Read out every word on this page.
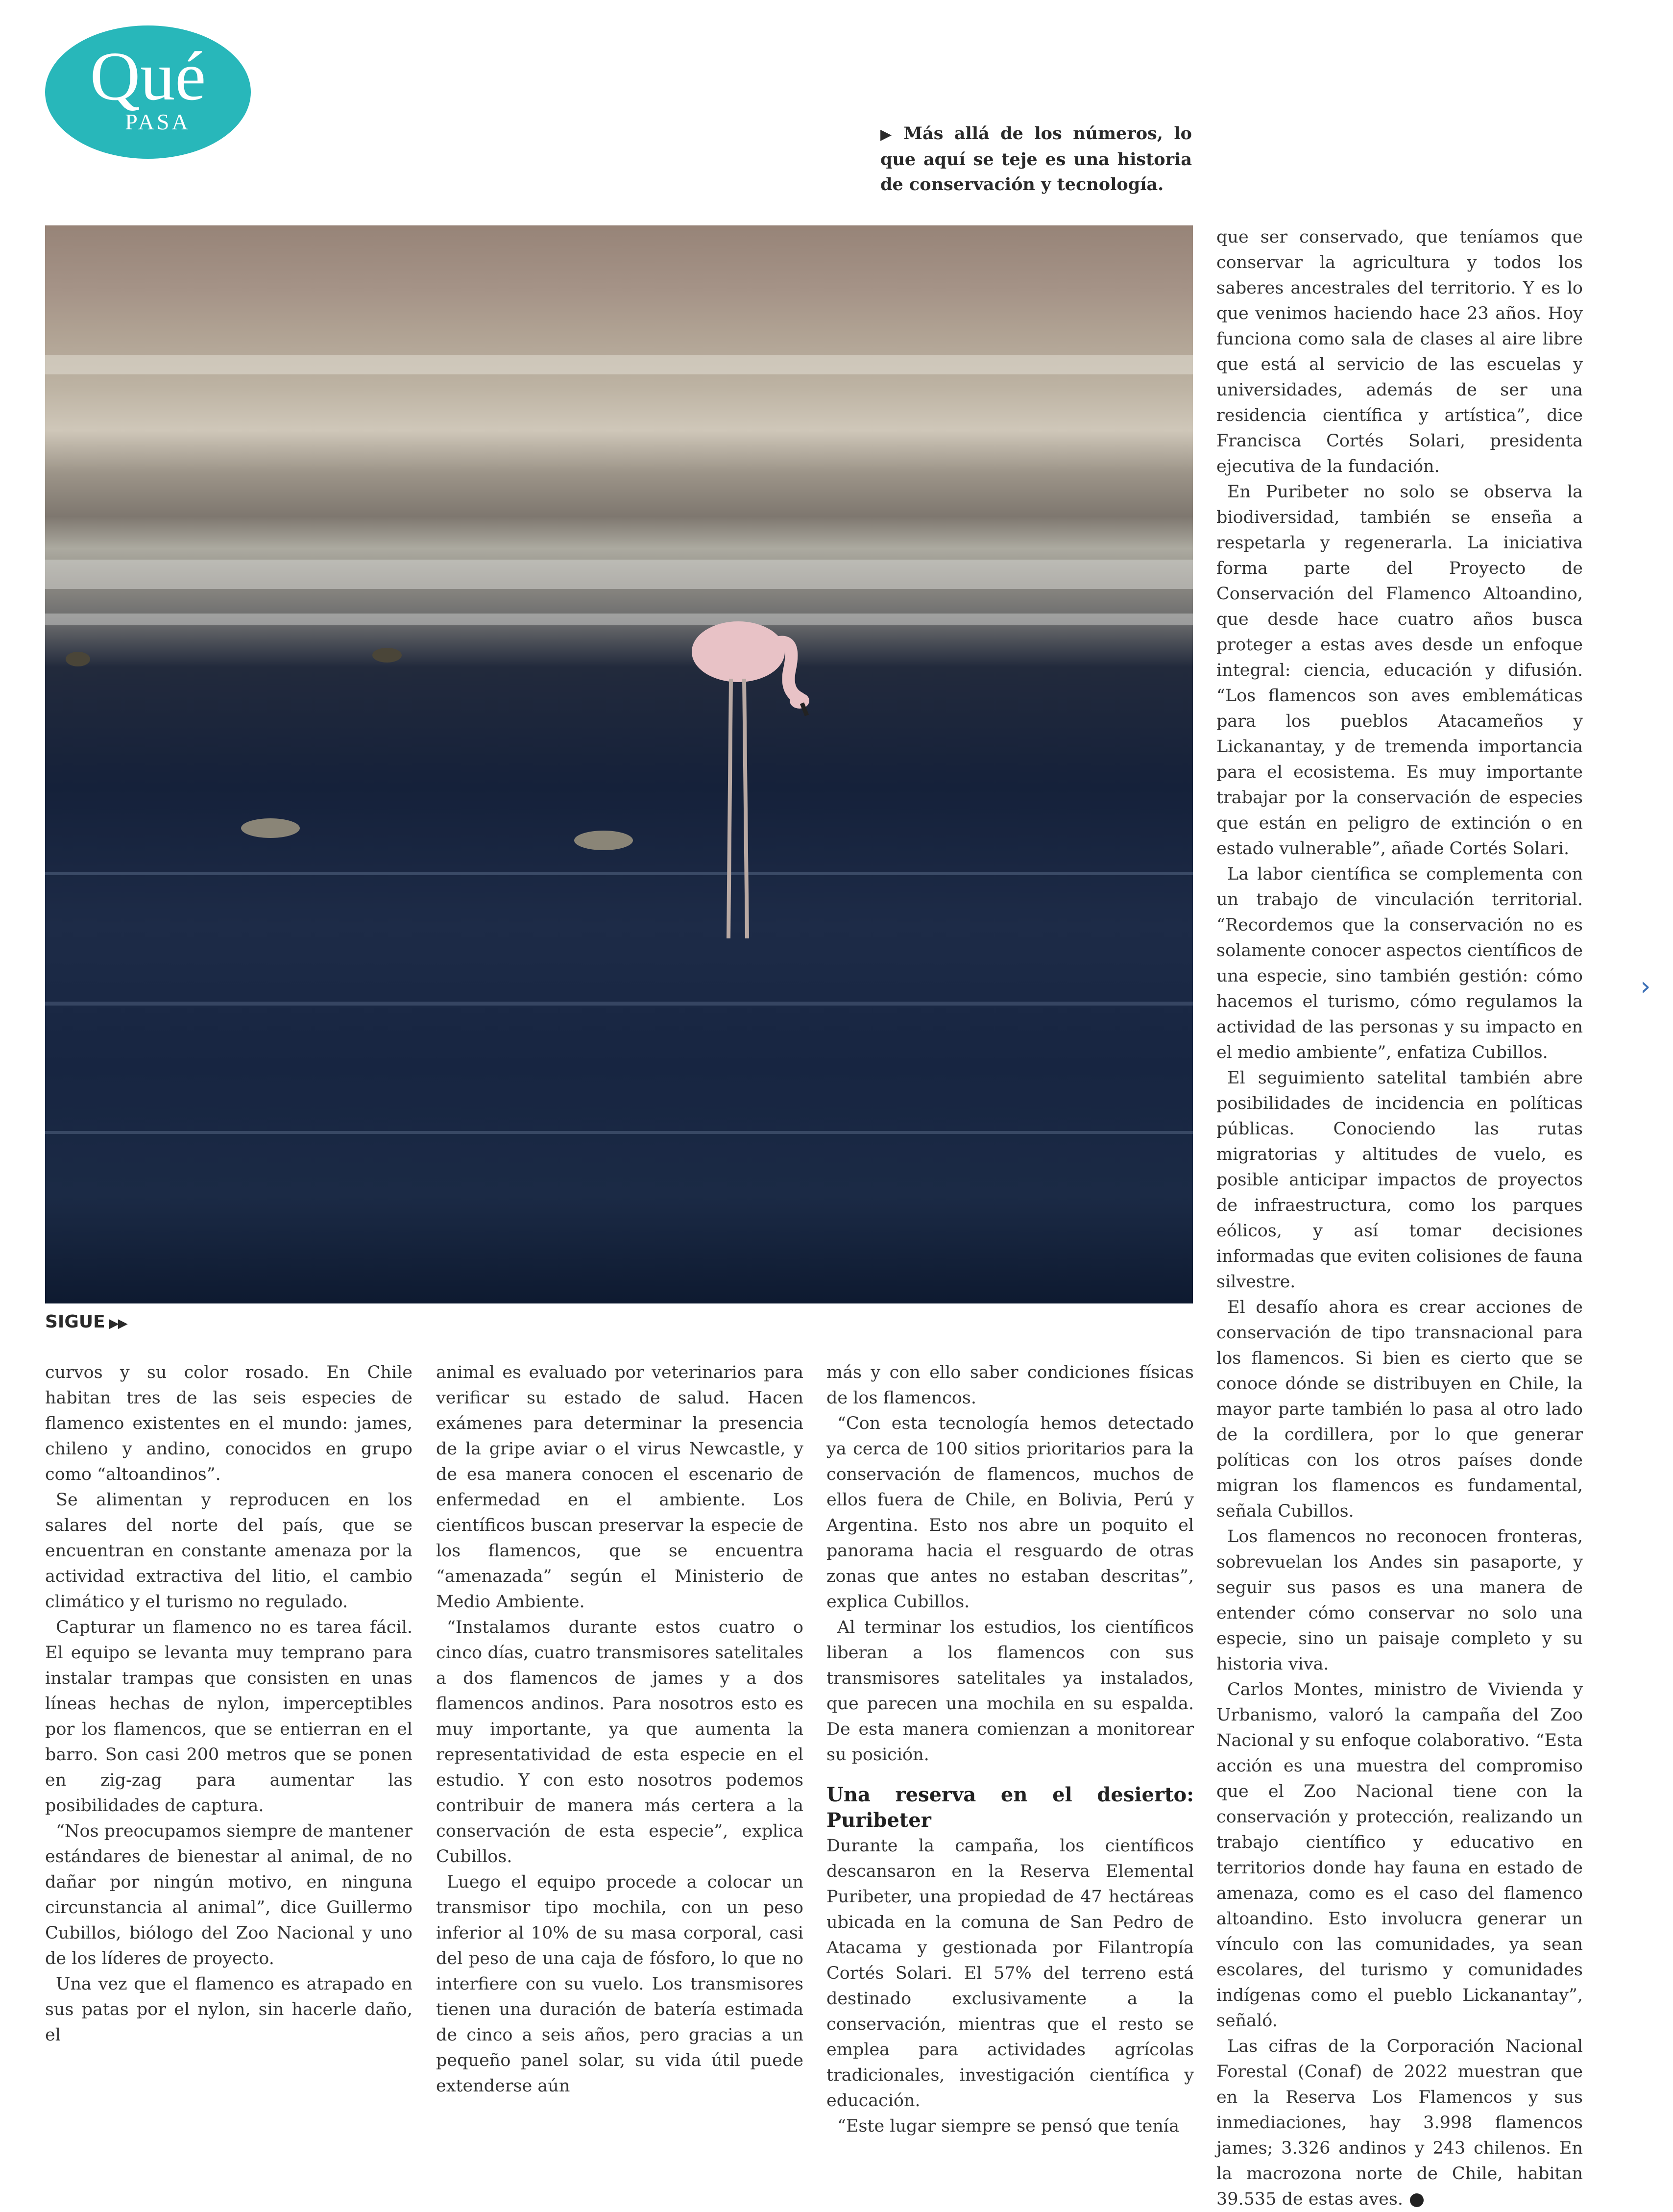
Qué
PASA

▶ Más allá de los números, lo que aquí se teje es una historia de conservación y tecnología.

SIGUE ▶▶

curvos y su color rosado. En Chile habitan tres de las seis especies de flamenco existentes en el mundo: james, chileno y andino, conocidos en grupo como “altoandinos”.

Se alimentan y reproducen en los salares del norte del país, que se encuentran en constante amenaza por la actividad extractiva del litio, el cambio climático y el turismo no regulado.

Capturar un flamenco no es tarea fácil. El equipo se levanta muy temprano para instalar trampas que consisten en unas líneas hechas de nylon, imperceptibles por los flamencos, que se entierran en el barro. Son casi 200 metros que se ponen en zig-zag para aumentar las posibilidades de captura.

“Nos preocupamos siempre de mantener estándares de bienestar al animal, de no dañar por ningún motivo, en ninguna circunstancia al animal”, dice Guillermo Cubillos, biólogo del Zoo Nacional y uno de los líderes de proyecto.

Una vez que el flamenco es atrapado en sus patas por el nylon, sin hacerle daño, el

animal es evaluado por veterinarios para verificar su estado de salud. Hacen exámenes para determinar la presencia de la gripe aviar o el virus Newcastle, y de esa manera conocen el escenario de enfermedad en el ambiente. Los científicos buscan preservar la especie de los flamencos, que se encuentra “amenazada” según el Ministerio de Medio Ambiente.

“Instalamos durante estos cuatro o cinco días, cuatro transmisores satelitales a dos flamencos de james y a dos flamencos andinos. Para nosotros esto es muy importante, ya que aumenta la representatividad de esta especie en el estudio. Y con esto nosotros podemos contribuir de manera más certera a la conservación de esta especie”, explica Cubillos.

Luego el equipo procede a colocar un transmisor tipo mochila, con un peso inferior al 10% de su masa corporal, casi del peso de una caja de fósforo, lo que no interfiere con su vuelo. Los transmisores tienen una duración de batería estimada de cinco a seis años, pero gracias a un pequeño panel solar, su vida útil puede extenderse aún

más y con ello saber condiciones físicas de los flamencos.

“Con esta tecnología hemos detectado ya cerca de 100 sitios prioritarios para la conservación de flamencos, muchos de ellos fuera de Chile, en Bolivia, Perú y Argentina. Esto nos abre un poquito el panorama hacia el resguardo de otras zonas que antes no estaban descritas”, explica Cubillos.

Al terminar los estudios, los científicos liberan a los flamencos con sus transmisores satelitales ya instalados, que parecen una mochila en su espalda. De esta manera comienzan a monitorear su posición.

Una reserva en el desierto: Puribeter

Durante la campaña, los científicos descansaron en la Reserva Elemental Puribeter, una propiedad de 47 hectáreas ubicada en la comuna de San Pedro de Atacama y gestionada por Filantropía Cortés Solari. El 57% del terreno está destinado exclusivamente a la conservación, mientras que el resto se emplea para actividades agrícolas tradicionales, investigación científica y educación.

“Este lugar siempre se pensó que tenía

que ser conservado, que teníamos que conservar la agricultura y todos los saberes ancestrales del territorio. Y es lo que venimos haciendo hace 23 años. Hoy funciona como sala de clases al aire libre que está al servicio de las escuelas y universidades, además de ser una residencia científica y artística”, dice Francisca Cortés Solari, presidenta ejecutiva de la fundación.

En Puribeter no solo se observa la biodiversidad, también se enseña a respetarla y regenerarla. La iniciativa forma parte del Proyecto de Conservación del Flamenco Altoandino, que desde hace cuatro años busca proteger a estas aves desde un enfoque integral: ciencia, educación y difusión. “Los flamencos son aves emblemáticas para los pueblos Atacameños y Lickanantay, y de tremenda importancia para el ecosistema. Es muy importante trabajar por la conservación de especies que están en peligro de extinción o en estado vulnerable”, añade Cortés Solari.

La labor científica se complementa con un trabajo de vinculación territorial. “Recordemos que la conservación no es solamente conocer aspectos científicos de una especie, sino también gestión: cómo hacemos el turismo, cómo regulamos la actividad de las personas y su impacto en el medio ambiente”, enfatiza Cubillos.

El seguimiento satelital también abre posibilidades de incidencia en políticas públicas. Conociendo las rutas migratorias y altitudes de vuelo, es posible anticipar impactos de proyectos de infraestructura, como los parques eólicos, y así tomar decisiones informadas que eviten colisiones de fauna silvestre.

El desafío ahora es crear acciones de conservación de tipo transnacional para los flamencos. Si bien es cierto que se conoce dónde se distribuyen en Chile, la mayor parte también lo pasa al otro lado de la cordillera, por lo que generar políticas con los otros países donde migran los flamencos es fundamental, señala Cubillos.

Los flamencos no reconocen fronteras, sobrevuelan los Andes sin pasaporte, y seguir sus pasos es una manera de entender cómo conservar no solo una especie, sino un paisaje completo y su historia viva.

Carlos Montes, ministro de Vivienda y Urbanismo, valoró la campaña del Zoo Nacional y su enfoque colaborativo. “Esta acción es una muestra del compromiso que el Zoo Nacional tiene con la conservación y protección, realizando un trabajo científico y educativo en territorios donde hay fauna en estado de amenaza, como es el caso del flamenco altoandino. Esto involucra generar un vínculo con las comunidades, ya sean escolares, del turismo y comunidades indígenas como el pueblo Lickanantay”, señaló.

Las cifras de la Corporación Nacional Forestal (Conaf) de 2022 muestran que en la Reserva Los Flamencos y sus inmediaciones, hay 3.998 flamencos james; 3.326 andinos y 243 chilenos. En la macrozona norte de Chile, habitan 39.535 de estas aves.

›
